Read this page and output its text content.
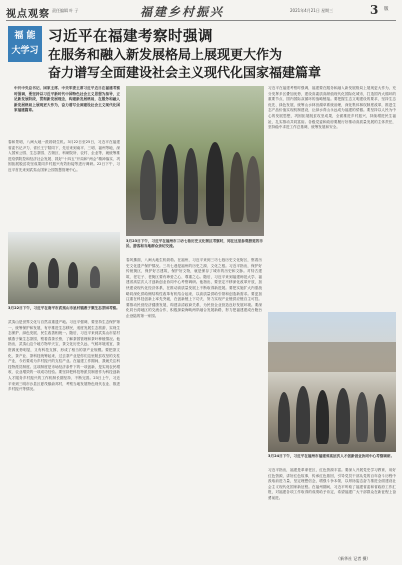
视点观察 责任编辑 叶 子	福建乡村振兴	2021年4月21日 星期三	3 版
福 能
大学习
习近平在福建考察时强调
在服务和融入新发展格局上展现更大作为
奋力谱写全面建设社会主义现代化国家福建篇章
中共中央总书记、国家主席、中央军委主席习近平近日在福建考察时强调，要坚持以习近平新时代中国特色社会主义思想为指导，立足新发展阶段，贯彻新发展理念，构建新发展格局，在服务和融入新发展格局上展现更大作为，奋力谱写全面建设社会主义现代化国家福建篇章。
春和景明，八闽大地一派勃勃生机。3月22日至25日，习近平在福建省委书记尹力、省长王宁陪同下，先后来到南平、三明、福州等地，深入国家公园、生态茶园、古街区、科研院所、农村、企业等，就统筹推进疫情防控和经济社会发展、抓好“十四五”开局和“两会”精神落实、巩固拓展脱贫攻坚成果同乡村振兴有效衔接等进行调研。22日下午，习近平首先来到武夷山国家公园智慧管理中心。
3月22日下午，习近平在南平市武夷山市星村镇燕子窠生态茶园考察。
武夷山是世界文化与自然双重遗产地。习近平强调，要坚持生态保护第一，统筹保护和发展，有序推进生态移民，适度发展生态旅游，实现生态保护、绿色发展、民生改善相统一。随后，习近平来到武夷山市星村镇燕子窠生态茶园，察看春茶长势，了解茶园管理和茶叶种植情况。他指出，武夷山这个地方物华天宝，茶文化历史久远，气候环境适宜，茶资源优势明显，又有科技支撑，形成了相当的茶产业规模。要把茶文化、茶产业、茶科技统筹起来，过去茶产业是你们这里脱贫攻坚的支柱产业，今后要成为乡村振兴的支柱产业。在福建工作期间，我就关注科技特派员制度。这项制度是市场经济条件下的一项创新，是实现农民增收、农业增效的一项成功经验。要坚持把科技特派员制度作为科技创新人才服务乡村振兴的工作机制长期坚持、不断完善。23日上午，习近平来到三明市沙县区夏茂镇俞邦村，考察当地发展特色现代农业、推进乡村振兴等情况。
3月23日下午，习近平在福州市三坊七巷历史文化街区考察时，同在这里参观游览的市民、游客和当地群众亲切交流。
春风拂面，八闽大地生机勃勃。在福州，习近平来到三坊七巷历史文化街区，察看历史文化遗产保护情况。三坊七巷是福州的历史之源、文化之根。习近平指出，保护好传统街区，保护好古建筑，保护好文物，就是保存了城市的历史和文脉。对待古建筑、老宅子、老街区要有珍爱之心、尊重之心。随后，习近平来到福建师范大学、福建省高层次人才创新创业协同中心考察调研。他指出，要坚定不移深化改革开放，加快建设现代化经济体系，在推动高质量发展上不断取得新进展。要把实施扩大内需战略同深化供给侧结构性改革有机结合起来，以高质量供给引领和创造新需求。要更加注重在科技创新上率先突破，在创新链上下功夫，努力实现产业链供应链自主可控。要推动民营经济健康发展，构建亲清政商关系，为民营企业营造良好发展环境。要深化同台湾地区的交流合作，积极探索海峡两岸融合发展新路，努力把福建建成台胞台企登陆的第一家园。
习近平在福建考察时强调，福建要在服务和融入新发展格局上展现更大作为，充分发挥多区叠加优势，建设高素质高颜值现代化国际化城市，打造国内大循环的重要节点、国内国际双循环的战略链接。要把握生态文明建设的要求，坚持生态优先、绿色发展，统筹山水林田湖草系统治理，深化集体林权制度改革，推进生态产品价值实现机制建设，让绿水青山永远成为福建的骄傲。要坚持以人民为中心的发展思想，巩固拓展脱贫攻坚成果，全面推进乡村振兴，持续增进民生福祉，扎实推动共同富裕。各级党委和政府要履行好推动高质量发展的主体责任，坚持稳中求进工作总基调，统筹发展和安全。
3月24日下午，习近平在福州市福建省高层次人才创新创业协同中心考察调研。
习近平指出，福建是革命老区，红色资源丰富。要深入开展党史学习教育，用好红色资源，讲好红色故事，传承红色基因，引导党员干部从党的百年奋斗历程中汲取前进力量，坚定理想信念，增强斗争本领，以昂扬姿态奋力推进全面建设社会主义现代化国家新征程。在福州期间，习近平听取了福建省委和省政府工作汇报，对福建各项工作取得的成绩给予肯定，希望福建广大干部群众在新征程上奋勇前进。
（新华社 记者 摄）
